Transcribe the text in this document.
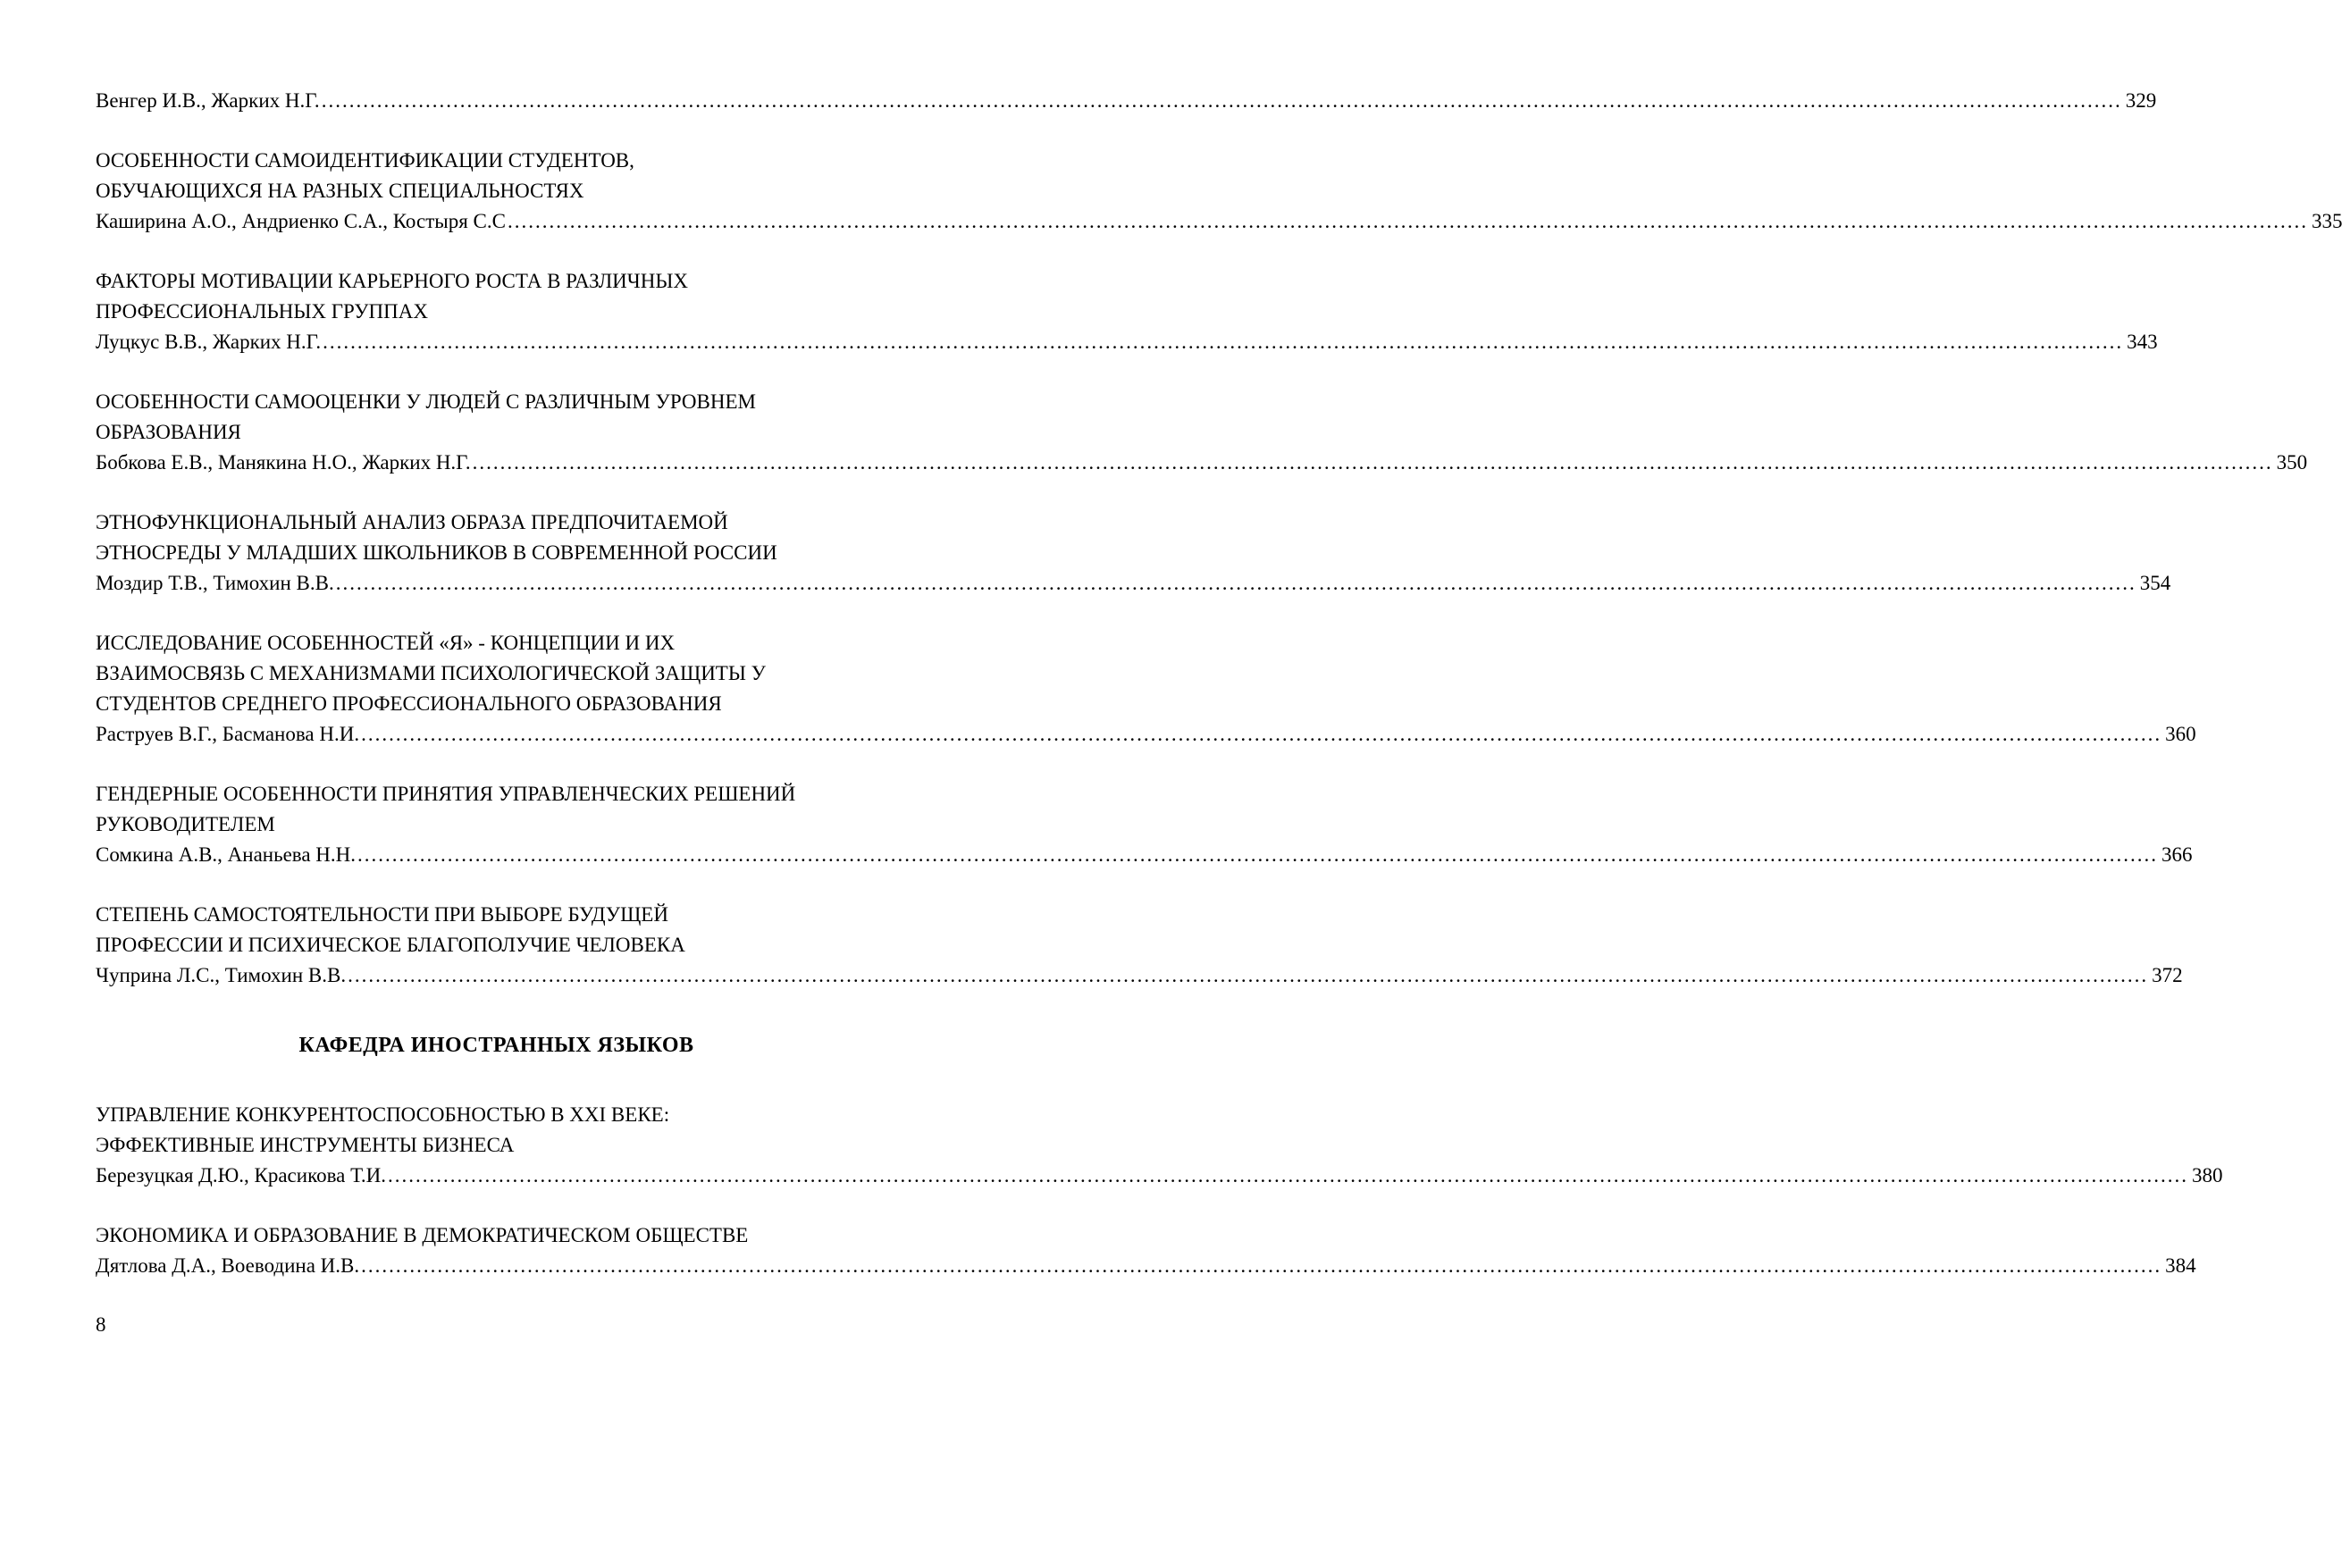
Венгер И.В., Жарких Н.Г. .................................................................................................................................................................................................................................................................... 329
ОСОБЕННОСТИ САМОИДЕНТИФИКАЦИИ СТУДЕНТОВ,
ОБУЧАЮЩИХСЯ НА РАЗНЫХ СПЕЦИАЛЬНОСТЯХ
Каширина А.О., Андриенко С.А., Костыря С.С .................................................................................................................................................................................................................................................................... 335
ФАКТОРЫ МОТИВАЦИИ КАРЬЕРНОГО РОСТА В РАЗЛИЧНЫХ
ПРОФЕССИОНАЛЬНЫХ ГРУППАХ
Луцкус В.В., Жарких Н.Г. .................................................................................................................................................................................................................................................................... 343
ОСОБЕННОСТИ САМООЦЕНКИ У ЛЮДЕЙ С РАЗЛИЧНЫМ УРОВНЕМ
ОБРАЗОВАНИЯ
Бобкова Е.В., Манякина Н.О., Жарких Н.Г. .................................................................................................................................................................................................................................................................... 350
ЭТНОФУНКЦИОНАЛЬНЫЙ АНАЛИЗ ОБРАЗА ПРЕДПОЧИТАЕМОЙ
ЭТНОСРЕДЫ У МЛАДШИХ ШКОЛЬНИКОВ В СОВРЕМЕННОЙ РОССИИ
Моздир Т.В., Тимохин В.В. .................................................................................................................................................................................................................................................................... 354
ИССЛЕДОВАНИЕ ОСОБЕННОСТЕЙ «Я» - КОНЦЕПЦИИ И ИХ
ВЗАИМОСВЯЗЬ С МЕХАНИЗМАМИ ПСИХОЛОГИЧЕСКОЙ ЗАЩИТЫ У
СТУДЕНТОВ СРЕДНЕГО ПРОФЕССИОНАЛЬНОГО ОБРАЗОВАНИЯ
Раструев В.Г., Басманова Н.И. .................................................................................................................................................................................................................................................................... 360
ГЕНДЕРНЫЕ ОСОБЕННОСТИ ПРИНЯТИЯ УПРАВЛЕНЧЕСКИХ РЕШЕНИЙ
РУКОВОДИТЕЛЕМ
Сомкина А.В., Ананьева Н.Н. .................................................................................................................................................................................................................................................................... 366
СТЕПЕНЬ САМОСТОЯТЕЛЬНОСТИ ПРИ ВЫБОРЕ БУДУЩЕЙ
ПРОФЕССИИ И ПСИХИЧЕСКОЕ БЛАГОПОЛУЧИЕ ЧЕЛОВЕКА
Чуприна Л.С., Тимохин В.В. .................................................................................................................................................................................................................................................................... 372
КАФЕДРА ИНОСТРАННЫХ ЯЗЫКОВ
УПРАВЛЕНИЕ КОНКУРЕНТОСПОСОБНОСТЬЮ В XXI ВЕКЕ:
ЭФФЕКТИВНЫЕ ИНСТРУМЕНТЫ БИЗНЕСА
Березуцкая Д.Ю., Красикова Т.И. .................................................................................................................................................................................................................................................................... 380
ЭКОНОМИКА И ОБРАЗОВАНИЕ В ДЕМОКРАТИЧЕСКОМ ОБЩЕСТВЕ
Дятлова Д.А., Воеводина И.В. .................................................................................................................................................................................................................................................................... 384
8
